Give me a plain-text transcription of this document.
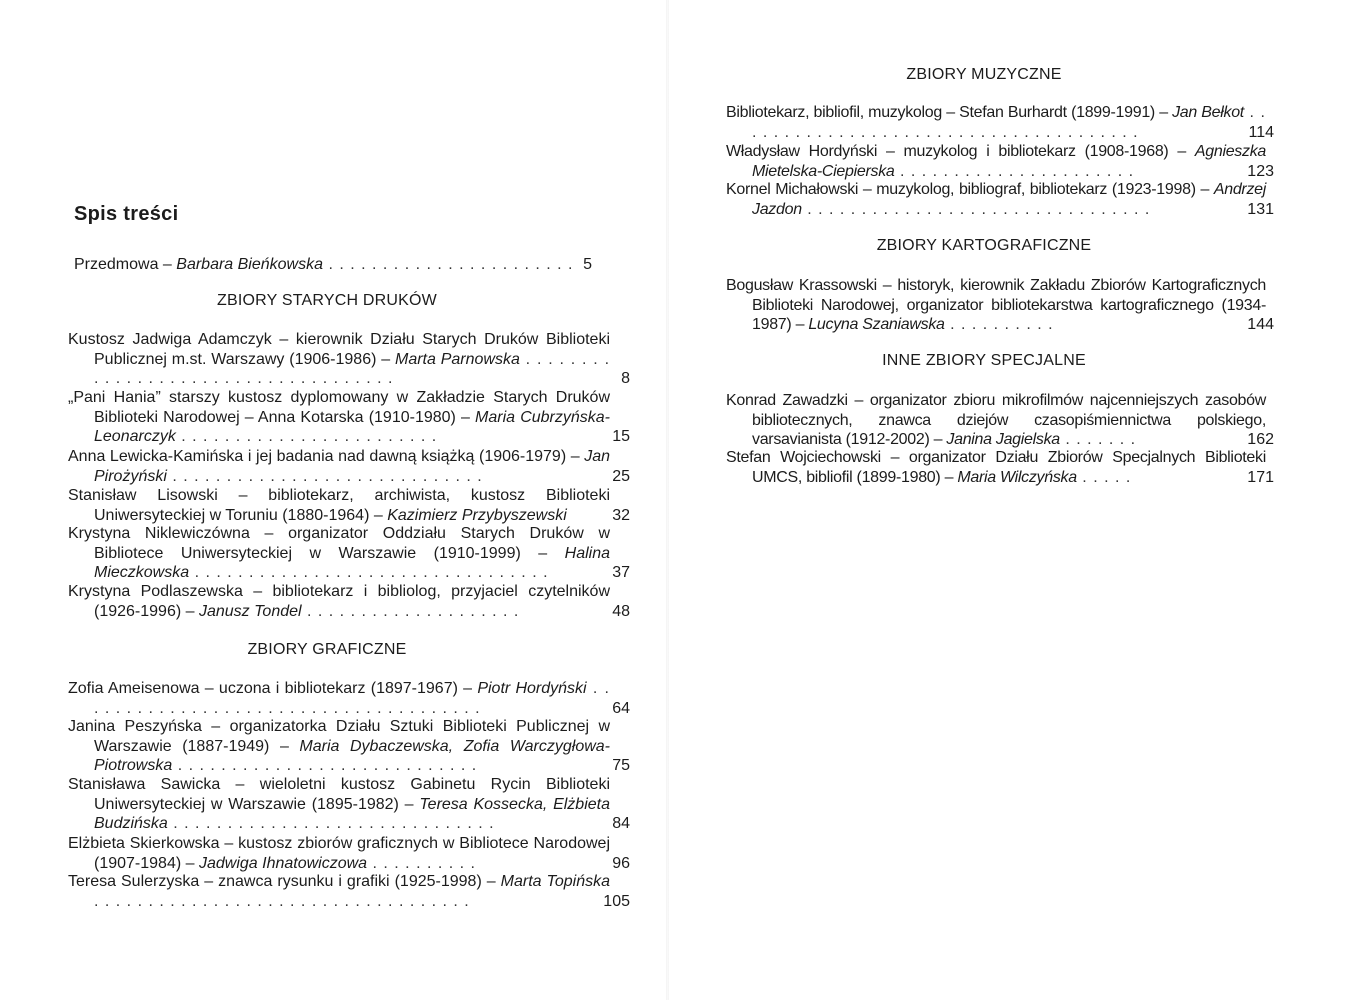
Spis treści

Przedmowa – Barbara Bieńkowska . . . . . . . . . . . . . . . . . . . . . . . 5
ZBIORY STARYCH DRUKÓW

Kustosz Jadwiga Adamczyk – kierownik Działu Starych Druków Biblioteki Publicznej m.st. Warszawy (1906-1986) – Marta Parnowska . . . . . . . . . . . . . . . . . . . . . . . . . . . . . . . . . . . .	8

„Pani Hania” starszy kustosz dyplomowany w Zakładzie Starych Druków Biblioteki Narodowej – Anna Kotarska (1910-1980) – Maria Cubrzyńska-Leonarczyk . . . . . . . . . . . . . . . . . . . . . . . .	15

Anna Lewicka-Kamińska i jej badania nad dawną książką (1906-1979) – Jan Pirożyński . . . . . . . . . . . . . . . . . . . . . . . . . . . . .	25

Stanisław Lisowski – bibliotekarz, archiwista, kustosz Biblioteki Uniwersyteckiej w Toruniu (1880-1964) – Kazimierz Przybyszewski	32

Krystyna Niklewiczówna – organizator Oddziału Starych Druków w Bibliotece Uniwersyteckiej w Warszawie (1910-1999) – Halina Mieczkowska . . . . . . . . . . . . . . . . . . . . . . . . . . . . . . . . .	37

Krystyna Podlaszewska – bibliotekarz i bibliolog, przyjaciel czytelników (1926-1996) – Janusz Tondel . . . . . . . . . . . . . . . . . . . .	48
ZBIORY GRAFICZNE

Zofia Ameisenowa – uczona i bibliotekarz (1897-1967) – Piotr Hordyński . . . . . . . . . . . . . . . . . . . . . . . . . . . . . . . . . . . . . .	64

Janina Peszyńska – organizatorka Działu Sztuki Biblioteki Publicznej w Warszawie (1887-1949) – Maria Dybaczewska, Zofia Warczygłowa-Piotrowska . . . . . . . . . . . . . . . . . . . . . . . . . . . .	75

Stanisława Sawicka – wieloletni kustosz Gabinetu Rycin Biblioteki Uniwersyteckiej w Warszawie (1895-1982) – Teresa Kossecka, Elżbieta Budzińska . . . . . . . . . . . . . . . . . . . . . . . . . . . . . .	84

Elżbieta Skierkowska – kustosz zbiorów graficznych w Bibliotece Narodowej (1907-1984) – Jadwiga Ihnatowiczowa . . . . . . . . . .	96

Teresa Sulerzyska – znawca rysunku i grafiki (1925-1998) – Marta Topińska . . . . . . . . . . . . . . . . . . . . . . . . . . . . . . . . . . .	105
ZBIORY MUZYCZNE

Bibliotekarz, bibliofil, muzykolog – Stefan Burhardt (1899-1991) – Jan Bełkot . . . . . . . . . . . . . . . . . . . . . . . . . . . . . . . . . . . . . .	114

Władysław Hordyński – muzykolog i bibliotekarz (1908-1968) – Agnieszka Mietelska-Ciepierska . . . . . . . . . . . . . . . . . . . . . .	123

Kornel Michałowski – muzykolog, bibliograf, bibliotekarz (1923-1998) – Andrzej Jazdon . . . . . . . . . . . . . . . . . . . . . . . . . . . . . . . .	131
ZBIORY KARTOGRAFICZNE

Bogusław Krassowski – historyk, kierownik Zakładu Zbiorów Kartograficznych Biblioteki Narodowej, organizator bibliotekarstwa kartograficznego (1934-1987) – Lucyna Szaniawska . . . . . . . . . .	144
INNE ZBIORY SPECJALNE

Konrad Zawadzki – organizator zbioru mikrofilmów najcenniejszych zasobów bibliotecznych, znawca dziejów czasopiśmiennictwa polskiego, varsavianista (1912-2002) – Janina Jagielska . . . . . . .	162

Stefan Wojciechowski – organizator Działu Zbiorów Specjalnych Biblioteki UMCS, bibliofil (1899-1980) – Maria Wilczyńska . . . . .	171
